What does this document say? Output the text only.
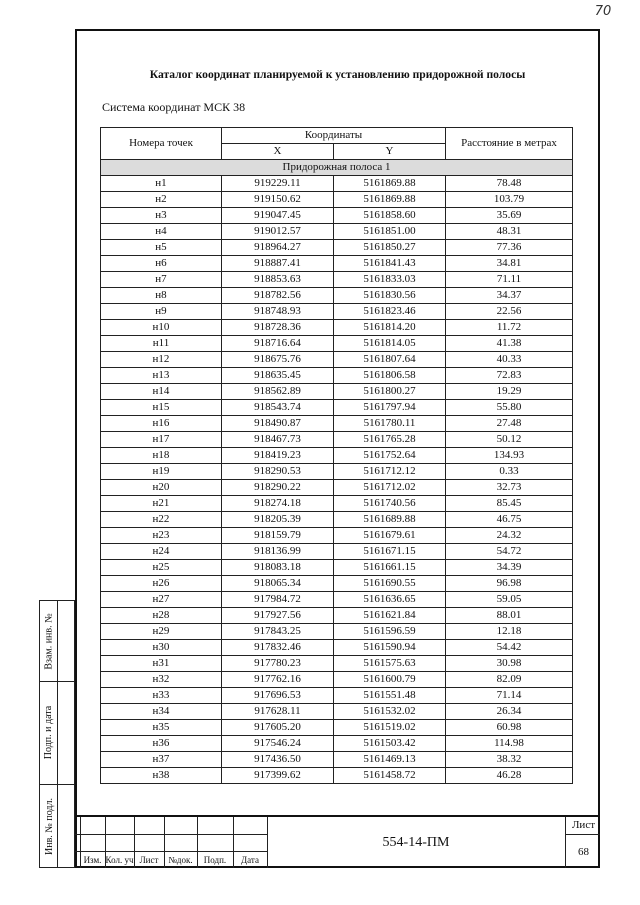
70
Каталог координат планируемой к установлению придорожной полосы
Система координат МСК 38
Номера точек	Координаты		Расстояние в метрах
	X	Y	
Придорожная полоса 1			
н1	919229.11	5161869.88	78.48
н2	919150.62	5161869.88	103.79
н3	919047.45	5161858.60	35.69
н4	919012.57	5161851.00	48.31
н5	918964.27	5161850.27	77.36
н6	918887.41	5161841.43	34.81
н7	918853.63	5161833.03	71.11
н8	918782.56	5161830.56	34.37
н9	918748.93	5161823.46	22.56
н10	918728.36	5161814.20	11.72
н11	918716.64	5161814.05	41.38
н12	918675.76	5161807.64	40.33
н13	918635.45	5161806.58	72.83
н14	918562.89	5161800.27	19.29
н15	918543.74	5161797.94	55.80
н16	918490.87	5161780.11	27.48
н17	918467.73	5161765.28	50.12
н18	918419.23	5161752.64	134.93
н19	918290.53	5161712.12	0.33
н20	918290.22	5161712.02	32.73
н21	918274.18	5161740.56	85.45
н22	918205.39	5161689.88	46.75
н23	918159.79	5161679.61	24.32
н24	918136.99	5161671.15	54.72
н25	918083.18	5161661.15	34.39
н26	918065.34	5161690.55	96.98
н27	917984.72	5161636.65	59.05
н28	917927.56	5161621.84	88.01
н29	917843.25	5161596.59	12.18
н30	917832.46	5161590.94	54.42
н31	917780.23	5161575.63	30.98
н32	917762.16	5161600.79	82.09
н33	917696.53	5161551.48	71.14
н34	917628.11	5161532.02	26.34
н35	917605.20	5161519.02	60.98
н36	917546.24	5161503.42	114.98
н37	917436.50	5161469.13	38.32
н38	917399.62	5161458.72	46.28
Взам. инв. №
Подп. и дата
Инв. № подл.
Изм. Кол. уч Лист	№док.	Подп.	Дата
554-14-ПМ
Лист
68
